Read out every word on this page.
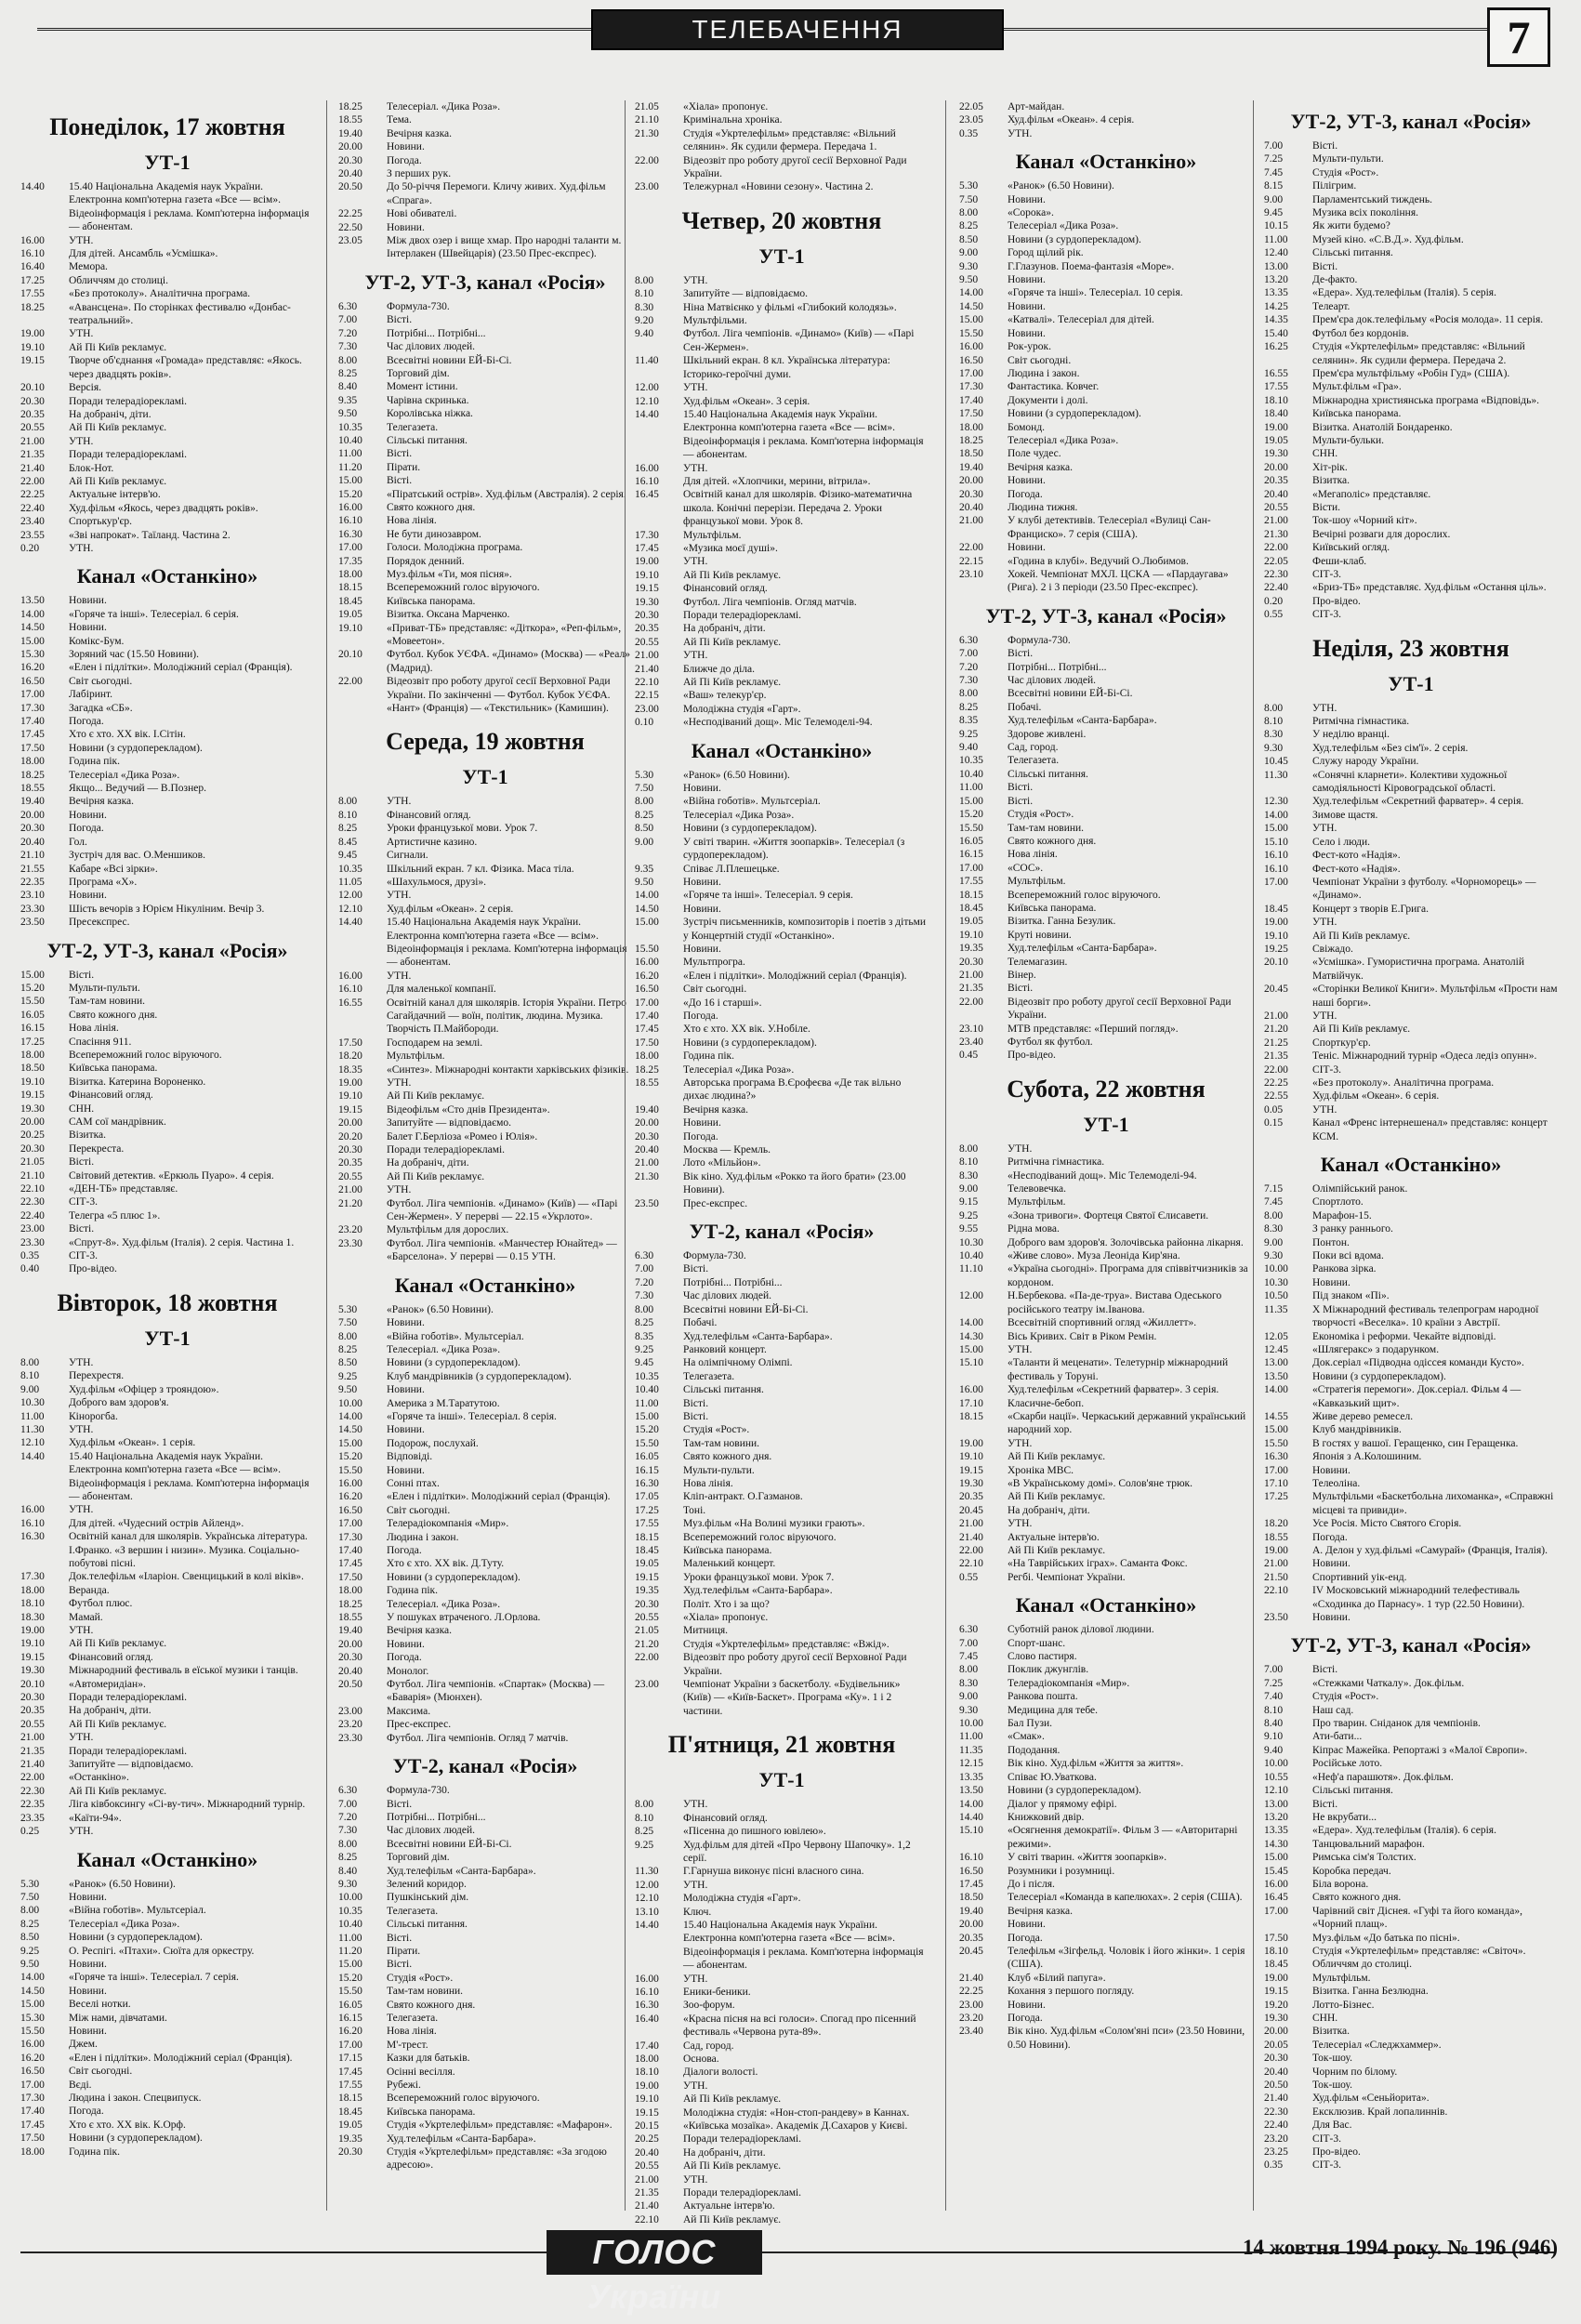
ТЕЛЕБАЧЕННЯ	7
Понеділок, 17 жовтня
УТ-1
14.40	15.40 Національна Академія наук України. Електронна комп'ютерна газета «Все — всім». Відеоінформація і реклама. Комп'ютерна інформація — абонентам.
16.00	УТН.
16.10	Для дітей. Ансамбль «Усмішка».
16.40	Мемора.
17.25	Обличчям до столиці.
17.55	«Без протоколу». Аналітична програма.
18.25	«Авансцена». По сторінках фестивалю «Донбас-театральний».
19.00	УТН.
19.10	Ай Пі Київ рекламує.
19.15	Творче об'єднання «Громада» представляє: «Якось. через двадцять років».
20.10	Версія.
20.30	Поради телерадіорекламі.
20.35	На добраніч, діти.
20.55	Ай Пі Київ рекламує.
21.00	УТН.
21.35	Поради телерадіорекламі.
21.40	Блок-Нот.
22.00	Ай Пі Київ рекламує.
22.25	Актуальне інтерв'ю.
22.40	Худ.фільм «Якось, через двадцять років».
23.40	Спортькур'єр.
23.55	«Зві напрокат». Таїланд. Частина 2.
0.20	УТН.
Канал «Останкіно»
13.50	Новини.
14.00	«Горяче та інші». Телесеріал. 6 серія.
14.50	Новини.
15.00	Комікс-Бум.
15.30	Зоряний час (15.50 Новини).
16.20	«Елен і підлітки». Молодіжний серіал (Франція).
16.50	Світ сьогодні.
17.00	Лабіринт.
17.30	Загадка «СБ».
17.40	Погода.
17.45	Хто є хто. XX вік. І.Сітін.
17.50	Новини (з сурдоперекладом).
18.00	Година пік.
18.25	Телесеріал «Дика Роза».
18.55	Якщо... Ведучий — В.Познер.
19.40	Вечірня казка.
20.00	Новини.
20.30	Погода.
20.40	Гол.
21.10	Зустріч для вас. О.Меншиков.
21.55	Кабаре «Всі зірки».
22.35	Програма «Х».
23.10	Новини.
23.30	Шість вечорів з Юрієм Нікуліним. Вечір 3.
23.50	Пресекспрес.
УТ-2, УТ-3, канал «Росія»
15.00	Вісті.
15.20	Мульти-пульти.
15.50	Там-там новини.
16.05	Свято кожного дня.
16.15	Нова лінія.
17.25	Спасіння 911.
18.00	Всепереможний голос віруючого.
18.50	Київська панорама.
19.10	Візитка. Катерина Вороненко.
19.15	Фінансовий огляд.
19.30	СНН.
20.00	САМ сої мандрівник.
20.25	Візитка.
20.30	Перекреста.
21.05	Вісті.
21.10	Світовий детектив. «Еркюль Пуаро». 4 серія.
22.10	«ДЕН-ТБ» представляє.
22.30	СІТ-3.
22.40	Телегра «5 плюс 1».
23.00	Вісті.
23.30	«Спрут-8». Худ.фільм (Італія). 2 серія. Частина 1.
0.35	СІТ-3.
0.40	Про-відео.
Вівторок, 18 жовтня
УТ-1
8.00	УТН.
8.10	Перехрестя.
9.00	Худ.фільм «Офіцер з трояндою».
10.30	Доброго вам здоров'я.
11.00	Кінорогба.
11.30	УТН.
12.10	Худ.фільм «Океан». 1 серія.
14.40	15.40 Національна Академія наук України. Електронна комп'ютерна газета «Все — всім». Відеоінформація і реклама. Комп'ютерна інформація — абонентам.
16.00	УТН.
16.10	Для дітей. «Чудесний острів Айленд».
16.30	Освітній канал для школярів. Українська література. І.Франко. «З вершин і низин». Музика. Соціально-побутові пісні.
17.30	Док.телефільм «Іларіон. Свенцицький в колі віків».
18.00	Веранда.
18.10	Футбол плюс.
18.30	Мамай.
19.00	УТН.
19.10	Ай Пі Київ рекламує.
19.15	Фінансовий огляд.
19.30	Міжнародний фестиваль в еїської музики і танців.
20.10	«Автомеридіан».
20.30	Поради телерадіорекламі.
20.35	На добраніч, діти.
20.55	Ай Пі Київ рекламує.
21.00	УТН.
21.35	Поради телерадіорекламі.
21.40	Запитуйте — відповідаємо.
22.00	«Останкіно».
22.30	Ай Пі Київ рекламує.
22.35	Ліга ківбоксингу «Сі-ву-тич». Міжнародний турнір.
23.35	«Каїти-94».
0.25	УТН.
Канал «Останкіно»
5.30	«Ранок» (6.50 Новини).
7.50	Новини.
8.00	«Війна гоботів». Мультсеріал.
8.25	Телесеріал «Дика Роза».
8.50	Новини (з сурдоперекладом).
9.25	О. Респігі. «Птахи». Сюїта для оркестру.
9.50	Новини.
14.00	«Горяче та інші». Телесеріал. 7 серія.
14.50	Новини.
15.00	Веселі нотки.
15.30	Між нами, дівчатами.
15.50	Новини.
16.00	Джем.
16.20	«Елен і підлітки». Молодіжний серіал (Франція).
16.50	Світ сьогодні.
17.00	Вєді.
17.30	Людина і закон. Спецвипуск.
17.40	Погода.
17.45	Хто є хто. XX вік. К.Орф.
17.50	Новини (з сурдоперекладом).
18.00	Година пік.
18.25	Телесеріал. «Дика Роза».
18.55	Тема.
19.40	Вечірня казка.
20.00	Новини.
20.30	Погода.
20.40	З перших рук.
20.50	До 50-річчя Перемоги. Кличу живих. Худ.фільм «Спрага».
22.25	Нові обивателі.
22.50	Новини.
23.05	Між двох озер і вище хмар. Про народні таланти м. Інтерлакен (Швейцарія) (23.50 Прес-експрес).
УТ-2, УТ-3, канал «Росія»
6.30	Формула-730.
7.00	Вісті.
7.20	Потрібні... Потрібні...
7.30	Час ділових людей.
8.00	Всесвітні новини ЕЙ-Бі-Сі.
8.25	Торговий дім.
8.40	Момент істини.
9.35	Чарівна скринька.
9.50	Королівська ніжка.
10.35	Телегазета.
10.40	Сільські питання.
11.00	Вісті.
11.20	Пірати.
15.00	Вісті.
15.20	«Піратський острів». Худ.фільм (Австралія). 2 серія.
16.00	Свято кожного дня.
16.10	Нова лінія.
16.30	Не бути динозавром.
17.00	Голоси. Молодіжна програма.
17.35	Порядок денний.
18.00	Муз.фільм «Ти, моя пісня».
18.15	Всепереможний голос віруючого.
18.45	Київська панорама.
19.05	Візитка. Оксана Марченко.
19.10	«Приват-ТБ» представляє: «Діткора», «Реп-фільм», «Мовеетон».
20.10	Футбол. Кубок УЄФА. «Динамо» (Москва) — «Реал» (Мадрид).
22.00	Відеозвіт про роботу другої сесії Верховної Ради України. По закінченні — Футбол. Кубок УЄФА. «Нант» (Франція) — «Текстильник» (Камишин).
Середа, 19 жовтня
УТ-1
8.00	УТН.
8.10	Фінансовий огляд.
8.25	Уроки французької мови. Урок 7.
8.45	Артистичне казино.
9.45	Сигнали.
10.35	Шкільний екран. 7 кл. Фізика. Маса тіла.
11.05	«Шахульмося, друзі».
12.00	УТН.
12.10	Худ.фільм «Океан». 2 серія.
14.40	15.40 Національна Академія наук України. Електронна комп'ютерна газета «Все — всім». Відеоінформація і реклама. Комп'ютерна інформація — абонентам.
16.00	УТН.
16.10	Для маленької компанії.
16.55	Освітній канал для школярів. Історія України. Петро Сагайдачний — воїн, політик, людина. Музика. Творчість П.Майбороди.
17.50	Господарем на землі.
18.20	Мультфільм.
18.35	«Синтез». Міжнародні контакти харківських фізиків.
19.00	УТН.
19.10	Ай Пі Київ рекламує.
19.15	Відеофільм «Сто днів Президента».
20.00	Запитуйте — відповідаємо.
20.20	Балет Г.Берліоза «Ромео і Юлія».
20.30	Поради телерадіорекламі.
20.35	На добраніч, діти.
20.55	Ай Пі Київ рекламує.
21.00	УТН.
21.20	Футбол. Ліга чемпіонів. «Динамо» (Київ) — «Парі Сен-Жермен». У перерві — 22.15 «Укрлото».
23.20	Мультфільм для дорослих.
23.30	Футбол. Ліга чемпіонів. «Манчестер Юнайтед» — «Барселона». У перерві — 0.15 УТН.
Канал «Останкіно»
5.30	«Ранок» (6.50 Новини).
7.50	Новини.
8.00	«Війна гоботів». Мультсеріал.
8.25	Телесеріал. «Дика Роза».
8.50	Новини (з сурдоперекладом).
9.25	Клуб мандрівників (з сурдоперекладом).
9.50	Новини.
10.00	Америка з М.Таратутою.
14.00	«Горяче та інші». Телесеріал. 8 серія.
14.50	Новини.
15.00	Подорож, послухай.
15.20	Відповіді.
15.50	Новини.
16.00	Сонні птах.
16.20	«Елен і підлітки». Молодіжний серіал (Франція).
16.50	Світ сьогодні.
17.00	Телерадіокомпанія «Мир».
17.30	Людина і закон.
17.40	Погода.
17.45	Хто є хто. XX вік. Д.Туту.
17.50	Новини (з сурдоперекладом).
18.00	Година пік.
18.25	Телесеріал. «Дика Роза».
18.55	У пошуках втраченого. Л.Орлова.
19.40	Вечірня казка.
20.00	Новини.
20.30	Погода.
20.40	Монолог.
20.50	Футбол. Ліга чемпіонів. «Спартак» (Москва) — «Баварія» (Мюнхен).
23.00	Максима.
23.20	Прес-експрес.
23.30	Футбол. Ліга чемпіонів. Огляд 7 матчів.
УТ-2, канал «Росія»
6.30	Формула-730.
7.00	Вісті.
7.20	Потрібні... Потрібні...
7.30	Час ділових людей.
8.00	Всесвітні новини ЕЙ-Бі-Сі.
8.25	Торговий дім.
8.40	Худ.телефільм «Санта-Барбара».
9.30	Зелений коридор.
10.00	Пушкінський дім.
10.35	Телегазета.
10.40	Сільські питання.
11.00	Вісті.
11.20	Пірати.
15.00	Вісті.
15.20	Студія «Рост».
15.50	Там-там новини.
16.05	Свято кожного дня.
16.15	Телегазета.
16.20	Нова лінія.
17.00	М'-трест.
17.15	Казки для батьків.
17.45	Осінні весілля.
17.55	Рубежі.
18.15	Всепереможний голос віруючого.
18.45	Київська панорама.
19.05	Студія «Укртелефільм» представляє: «Мафарон».
19.35	Худ.телефільм «Санта-Барбара».
20.30	Студія «Укртелефільм» представляє: «За згодою адресою».
21.05	«Хіала» пропонує.
21.10	Кримінальна хроніка.
21.30	Студія «Укртелефільм» представляє: «Вільний селянин». Як судили фермера. Передача 1.
22.00	Відеозвіт про роботу другої сесії Верховної Ради України.
23.00	Тележурнал «Новини сезону». Частина 2.
Четвер, 20 жовтня
УТ-1
8.00	УТН.
8.10	Запитуйте — відповідаємо.
8.30	Ніна Матвієнко у фільмі «Глибокий колодязь».
9.20	Мультфільми.
9.40	Футбол. Ліга чемпіонів. «Динамо» (Київ) — «Парі Сен-Жермен».
11.40	Шкільний екран. 8 кл. Українська література: Історико-героїчні думи.
12.00	УТН.
12.10	Худ.фільм «Океан». 3 серія.
14.40	15.40 Національна Академія наук України. Електронна комп'ютерна газета «Все — всім». Відеоінформація і реклама. Комп'ютерна інформація — абонентам.
16.00	УТН.
16.10	Для дітей. «Хлопчики, мерини, вітрила».
16.45	Освітній канал для школярів. Фізико-математична школа. Конічні перерізи. Передача 2. Уроки французької мови. Урок 8.
17.30	Мультфільм.
17.45	«Музика моєї душі».
19.00	УТН.
19.10	Ай Пі Київ рекламує.
19.15	Фінансовий огляд.
19.30	Футбол. Ліга чемпіонів. Огляд матчів.
20.30	Поради телерадіорекламі.
20.35	На добраніч, діти.
20.55	Ай Пі Київ рекламує.
21.00	УТН.
21.40	Ближче до діла.
22.10	Ай Пі Київ рекламує.
22.15	«Ваш» телекур'єр.
23.00	Молодіжна студія «Гарт».
0.10	«Несподіваний дощ». Міс Телемоделі-94.
Канал «Останкіно»
5.30	«Ранок» (6.50 Новини).
7.50	Новини.
8.00	«Війна гоботів». Мультсеріал.
8.25	Телесеріал «Дика Роза».
8.50	Новини (з сурдоперекладом).
9.00	У світі тварин. «Життя зоопарків». Телесеріал (з сурдоперекладом).
9.35	Співає Л.Плешецьке.
9.50	Новини.
14.00	«Горяче та інші». Телесеріал. 9 серія.
14.50	Новини.
15.00	Зустріч письменників, композиторів і поетів з дітьми у Концертній студії «Останкіно».
15.50	Новини.
16.00	Мультпрогра.
16.20	«Елен і підлітки». Молодіжний серіал (Франція).
16.50	Світ сьогодні.
17.00	«До 16 і старші».
17.40	Погода.
17.45	Хто є хто. XX вік. У.Нобіле.
17.50	Новини (з сурдоперекладом).
18.00	Година пік.
18.25	Телесеріал «Дика Роза».
18.55	Авторська програма В.Єрофеєва «Де так вільно дихає людина?»
19.40	Вечірня казка.
20.00	Новини.
20.30	Погода.
20.40	Москва — Кремль.
21.00	Лото «Мільйон».
21.30	Вік кіно. Худ.фільм «Рокко та його брати» (23.00 Новини).
23.50	Прес-експрес.
УТ-2, канал «Росія»
6.30	Формула-730.
7.00	Вісті.
7.20	Потрібні... Потрібні...
7.30	Час ділових людей.
8.00	Всесвітні новини ЕЙ-Бі-Сі.
8.25	Побачі.
8.35	Худ.телефільм «Санта-Барбара».
9.25	Ранковий концерт.
9.45	На олімпічному Олімпі.
10.35	Телегазета.
10.40	Сільські питання.
11.00	Вісті.
15.00	Вісті.
15.20	Студія «Рост».
15.50	Там-там новини.
16.05	Свято кожного дня.
16.15	Мульти-пульти.
16.30	Нова лінія.
17.05	Кліп-антракт. О.Газманов.
17.25	Тоні.
17.55	Муз.фільм «На Волині музики грають».
18.15	Всепереможний голос віруючого.
18.45	Київська панорама.
19.05	Маленький концерт.
19.15	Уроки французької мови. Урок 7.
19.35	Худ.телефільм «Санта-Барбара».
20.30	Політ. Хто і за що?
20.55	«Хіала» пропонує.
21.05	Митниця.
21.20	Студія «Укртелефільм» представляє: «Вжід».
22.00	Відеозвіт про роботу другої сесії Верховної Ради України.
23.00	Чемпіонат України з баскетболу. «Будівельник» (Київ) — «Київ-Баскет». Програма «Ку». 1 і 2 частини.
П'ятниця, 21 жовтня
УТ-1
8.00	УТН.
8.10	Фінансовий огляд.
8.25	«Пісенна до пишного ювілею».
9.25	Худ.фільм для дітей «Про Червону Шапочку». 1,2 серії.
11.30	Г.Гарнуша виконує пісні власного сина.
12.00	УТН.
12.10	Молодіжна студія «Гарт».
13.10	Ключ.
14.40	15.40 Національна Академія наук України. Електронна комп'ютерна газета «Все — всім». Відеоінформація і реклама. Комп'ютерна інформація — абонентам.
16.00	УТН.
16.10	Еники-беники.
16.30	Зоо-форум.
16.40	«Красна пісня на всі голоси». Спогад про пісенний фестиваль «Червона рута-89».
17.40	Сад, город.
18.00	Основа.
18.10	Діалоги волості.
19.00	УТН.
19.10	Ай Пі Київ рекламує.
19.15	Молодіжна студія: «Нон-стоп-рандеву» в Каннах.
20.15	«Київська мозаїка». Академік Д.Сахаров у Києві.
20.25	Поради телерадіорекламі.
20.40	На добраніч, діти.
20.55	Ай Пі Київ рекламує.
21.00	УТН.
21.35	Поради телерадіорекламі.
21.40	Актуальне інтерв'ю.
22.10	Ай Пі Київ рекламує.
22.05	Арт-майдан.
23.05	Худ.фільм «Океан». 4 серія.
0.35	УТН.
Канал «Останкіно»
5.30	«Ранок» (6.50 Новини).
7.50	Новини.
8.00	«Сорока».
8.25	Телесеріал «Дика Роза».
8.50	Новини (з сурдоперекладом).
9.00	Город щілий рік.
9.30	Г.Глазунов. Поема-фантазія «Море».
9.50	Новини.
14.00	«Горяче та інші». Телесеріал. 10 серія.
14.50	Новини.
15.00	«Катвалі». Телесеріал для дітей.
15.50	Новини.
16.00	Рок-урок.
16.50	Світ сьогодні.
17.00	Людина і закон.
17.30	Фантастика. Ковчег.
17.40	Документи і долі.
17.50	Новини (з сурдоперекладом).
18.00	Бомонд.
18.25	Телесеріал «Дика Роза».
18.50	Поле чудес.
19.40	Вечірня казка.
20.00	Новини.
20.30	Погода.
20.40	Людина тижня.
21.00	У клубі детективів. Телесеріал «Вулиці Сан-Франциско». 7 серія (США).
22.00	Новини.
22.15	«Година в клубі». Ведучий О.Любимов.
23.10	Хокей. Чемпіонат МХЛ. ЦСКА — «Пардаугава» (Рига). 2 і 3 періоди (23.50 Прес-експрес).
УТ-2, УТ-3, канал «Росія»
6.30	Формула-730.
7.00	Вісті.
7.20	Потрібні... Потрібні...
7.30	Час ділових людей.
8.00	Всесвітні новини ЕЙ-Бі-Сі.
8.25	Побачі.
8.35	Худ.телефільм «Санта-Барбара».
9.25	Здорове живлені.
9.40	Сад, город.
10.35	Телегазета.
10.40	Сільські питання.
11.00	Вісті.
15.00	Вісті.
15.20	Студія «Рост».
15.50	Там-там новини.
16.05	Свято кожного дня.
16.15	Нова лінія.
17.00	«СОС».
17.55	Мультфільм.
18.15	Всепереможний голос віруючого.
18.45	Київська панорама.
19.05	Візитка. Ганна Безулик.
19.10	Круті новини.
19.35	Худ.телефільм «Санта-Барбара».
20.30	Телемагазин.
21.00	Вінер.
21.35	Вісті.
22.00	Відеозвіт про роботу другої сесії Верховної Ради України.
23.10	МТВ представляє: «Перший погляд».
23.40	Футбол як футбол.
0.45	Про-відео.
Субота, 22 жовтня
УТ-1
8.00	УТН.
8.10	Ритмічна гімнастика.
8.30	«Несподіваний дощ». Міс Телемоделі-94.
9.00	Телевовечка.
9.15	Мультфільм.
9.25	«Зона тривоги». Фортеця Святої Єлисавети.
9.55	Рідна мова.
10.30	Доброго вам здоров'я. Золочівська районна лікарня.
10.40	«Живе слово». Муза Леоніда Кир'яна.
11.10	«Україна сьогодні». Програма для співвітчизників за кордоном.
12.00	Н.Бербекова. «Па-де-труа». Вистава Одеського російського театру ім.Іванова.
14.00	Всесвітній спортивний огляд «Жиллетт».
14.30	Вісь Кривих. Світ в Ріком Ремін.
15.00	УТН.
15.10	«Таланти й меценати». Телетурнір міжнародний фестиваль у Торуні.
16.00	Худ.телефільм «Секретний фарватер». 3 серія.
17.10	Класичне-бебоп.
18.15	«Скарби нації». Черкаський державний український народний хор.
19.00	УТН.
19.10	Ай Пі Київ рекламує.
19.15	Хроніка МВС.
19.30	«В Українському домі». Солов'яне трюк.
20.35	Ай Пі Київ рекламує.
20.45	На добраніч, діти.
21.00	УТН.
21.40	Актуальне інтерв'ю.
22.00	Ай Пі Київ рекламує.
22.10	«На Таврійських іграх». Саманта Фокс.
0.55	Регбі. Чемпіонат України.
Канал «Останкіно»
6.30	Суботній ранок ділової людини.
7.00	Спорт-шанс.
7.45	Слово пастиря.
8.00	Поклик джунглів.
8.30	Телерадіокомпанія «Мир».
9.00	Ранкова пошта.
9.30	Медицина для тебе.
10.00	Бал Пузи.
11.00	«Смак».
11.35	Пододання.
12.15	Вік кіно. Худ.фільм «Життя за життя».
13.35	Співає Ю.Уваткова.
13.50	Новини (з сурдоперекладом).
14.00	Діалог у прямому ефірі.
14.40	Книжковий двір.
15.10	«Осягнення демократії». Фільм 3 — «Авторитарні режими».
16.10	У світі тварин. «Життя зоопарків».
16.50	Розумники і розумниці.
17.45	До і після.
18.50	Телесеріал «Команда в капелюхах». 2 серія (США).
19.40	Вечірня казка.
20.00	Новини.
20.35	Погода.
20.45	Телефільм «Зігфельд. Чоловік і його жінки». 1 серія (США).
21.40	Клуб «Білий папуга».
22.25	Кохання з першого погляду.
23.00	Новини.
23.20	Погода.
23.40	Вік кіно. Худ.фільм «Солом'яні пси» (23.50 Новини, 0.50 Новини).
УТ-2, УТ-3, канал «Росія»
7.00	Вісті.
7.25	Мульти-пульти.
7.45	Студія «Рост».
8.15	Пілігрим.
9.00	Парламентський тиждень.
9.45	Музика всіх покоління.
10.15	Як жити будемо?
11.00	Музей кіно. «С.В.Д.». Худ.фільм.
12.40	Сільські питання.
13.00	Вісті.
13.20	Де-факто.
13.35	«Едера». Худ.телефільм (Італія). 5 серія.
14.25	Телеарт.
14.35	Прем'єра док.телефільму «Росія молода». 11 серія.
15.40	Футбол без кордонів.
16.25	Студія «Укртелефільм» представляє: «Вільний селянин». Як судили фермера. Передача 2.
16.55	Прем'єра мультфільму «Робін Гуд» (США).
17.55	Мульт.фільм «Гра».
18.10	Міжнародна християнська програма «Відповідь».
18.40	Київська панорама.
19.00	Візитка. Анатолій Бондаренко.
19.05	Мульти-бульки.
19.30	СНН.
20.00	Хіт-рік.
20.35	Візитка.
20.40	«Мегаполіс» представляє.
20.55	Вісти.
21.00	Ток-шоу «Чорний кіт».
21.30	Вечірні розваги для дорослих.
22.00	Київський огляд.
22.05	Феши-клаб.
22.30	СІТ-3.
22.40	«Бриз-ТБ» представляє. Худ.фільм «Остання ціль».
0.20	Про-відео.
0.55	СІТ-3.
Неділя, 23 жовтня
УТ-1
8.00	УТН.
8.10	Ритмічна гімнастика.
8.30	У неділю вранці.
9.30	Худ.телефільм «Без сім'ї». 2 серія.
10.45	Служу народу України.
11.30	«Сонячні кларнети». Колективи художньої самодіяльності Кіровоградської області.
12.30	Худ.телефільм «Секретний фарватер». 4 серія.
14.00	Зимове щастя.
15.00	УТН.
15.10	Село і люди.
16.10	Фест-кото «Надія».
16.10	Фест-кото «Надія».
17.00	Чемпіонат України з футболу. «Чорноморець» — «Динамо».
18.45	Концерт з творів Е.Грига.
19.00	УТН.
19.10	Ай Пі Київ рекламує.
19.25	Свіжадо.
20.10	«Усмішка». Гумористична програма. Анатолій Матвійчук.
20.45	«Сторінки Великої Книги». Мультфільм «Прости нам наші борги».
21.00	УТН.
21.20	Ай Пі Київ рекламує.
21.25	Спорткур'єр.
21.35	Теніс. Міжнародний турнір «Одеса ледіз опунн».
22.00	СІТ-3.
22.25	«Без протоколу». Аналітична програма.
22.55	Худ.фільм «Океан». 6 серія.
0.05	УТН.
0.15	Канал «Френс інтернешенал» представляє: концерт КСМ.
Канал «Останкіно»
7.15	Олімпійський ранок.
7.45	Спортлото.
8.00	Марафон-15.
8.30	З ранку раннього.
9.00	Понтон.
9.30	Поки всі вдома.
10.00	Ранкова зірка.
10.30	Новини.
10.50	Під знаком «Пі».
11.35	X Міжнародний фестиваль телепрограм народної творчості «Веселка». 10 країни з Австрії.
12.05	Економіка і реформи. Чекайте відповіді.
12.45	«Шлягеракс» з подарунком.
13.00	Док.серіал «Підводна одіссея команди Кусто».
13.50	Новини (з сурдоперекладом).
14.00	«Стратегія перемоги». Док.серіал. Фільм 4 — «Кавказький щит».
14.55	Живе дерево ремесел.
15.00	Клуб мандрівників.
15.50	В гостях у вашої. Геращенко, син Геращенка.
16.30	Японія з А.Колошиним.
17.00	Новини.
17.10	Телеоліна.
17.25	Мультфільми «Баскетбольна лихоманка», «Справжні місцеві та привиди».
18.20	Усе Росія. Місто Святого Єгорія.
18.55	Погода.
19.00	А. Делон у худ.фільмі «Самурай» (Франція, Італія).
21.00	Новини.
21.50	Спортивний уік-енд.
22.10	IV Московський міжнародний телефестиваль «Сходинка до Парнасу». 1 тур (22.50 Новини).
23.50	Новини.
УТ-2, УТ-3, канал «Росія»
7.00	Вісті.
7.25	«Стежками Чаткалу». Док.фільм.
7.40	Студія «Рост».
8.10	Наш сад.
8.40	Про тварин. Сніданок для чемпіонів.
9.10	Ати-бати...
9.40	Кіпрас Мажейка. Репортажі з «Малої Європи».
10.00	Російське лото.
10.55	«Неф'а парашютя». Док.фільм.
12.10	Сільські питання.
13.00	Вісті.
13.20	Не вкрубати...
13.35	«Едера». Худ.телефільм (Італія). 6 серія.
14.30	Танцювальний марафон.
15.00	Римська сім'я Толстих.
15.45	Коробка передач.
16.00	Біла ворона.
16.45	Свято кожного дня.
17.00	Чарівний світ Діснея. «Гуфі та його команда», «Чорний плащ».
17.50	Муз.фільм «До батька по пісні».
18.10	Студія «Укртелефільм» представляє: «Світоч».
18.45	Обличчям до столиці.
19.00	Мультфільм.
19.15	Візитка. Ганна Безлюдна.
19.20	Лотто-Бізнес.
19.30	СНН.
20.00	Візитка.
20.05	Телесеріал «Следжхаммер».
20.30	Ток-шоу.
20.40	Чорним по білому.
20.50	Ток-шоу.
21.40	Худ.фільм «Сеньйорита».
22.30	Ексклюзив. Край лопалиннів.
22.40	Для Вас.
23.20	СІТ-3.
23.25	Про-відео.
0.35	СІТ-3.
ГОЛОС України
14 жовтня 1994 року. № 196 (946)
